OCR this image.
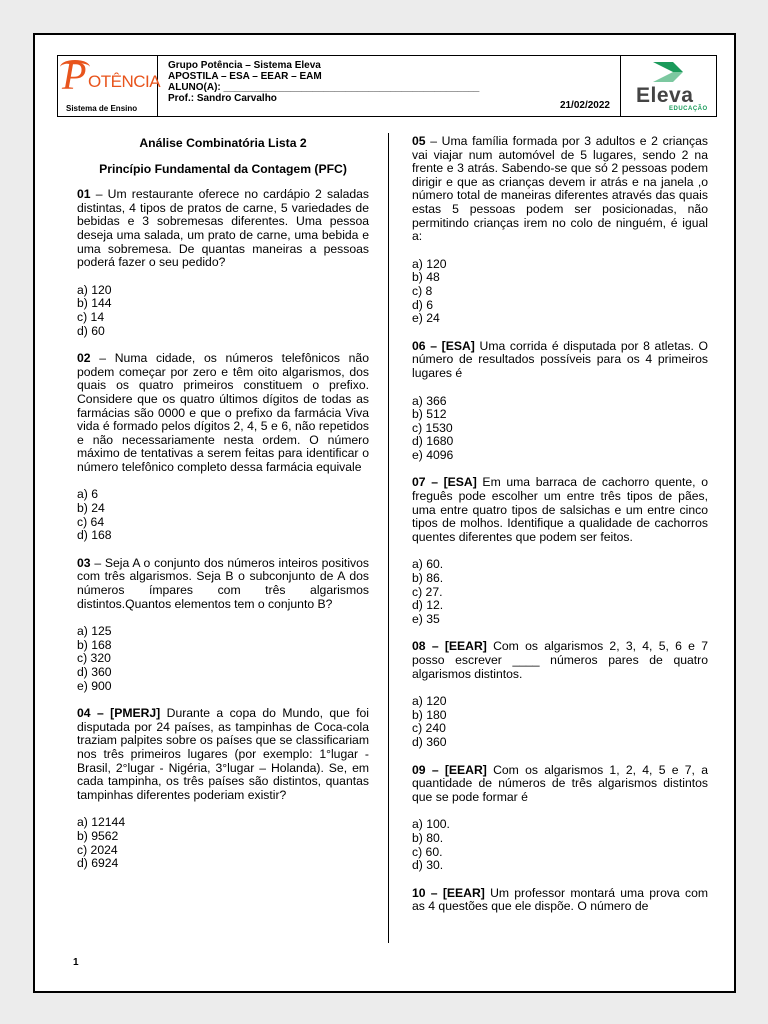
P OTÊNCIA
Sistema de Ensino
Grupo Potência – Sistema Eleva
APOSTILA – ESA – EEAR – EAM
ALUNO(A): ______________________________________________
Prof.: Sandro Carvalho
21/02/2022 Eleva
EDUCAÇÃO
Análise Combinatória Lista 2
Princípio Fundamental da Contagem (PFC)
01 – Um restaurante oferece no cardápio 2 saladas distintas, 4 tipos de pratos de carne, 5 variedades de bebidas e 3 sobremesas diferentes. Uma pessoa deseja uma salada, um prato de carne, uma bebida e uma sobremesa. De quantas maneiras a pessoas poderá fazer o seu pedido?
a) 120
b) 144
c) 14
d) 60
02 – Numa cidade, os números telefônicos não podem começar por zero e têm oito algarismos, dos quais os quatro primeiros constituem o prefixo. Considere que os quatro últimos dígitos de todas as farmácias são 0000 e que o prefixo da farmácia Viva vida é formado pelos dígitos 2, 4, 5 e 6, não repetidos e não necessariamente nesta ordem. O número máximo de tentativas a serem feitas para identificar o número telefônico completo dessa farmácia equivale
a) 6
b) 24
c) 64
d) 168
03 – Seja A o conjunto dos números inteiros positivos com três algarismos. Seja B o subconjunto de A dos números ímpares com três algarismos distintos.Quantos elementos tem o conjunto B?
a) 125
b) 168
c) 320
d) 360
e) 900
04 – [PMERJ] Durante a copa do Mundo, que foi disputada por 24 países, as tampinhas de Coca-cola traziam palpites sobre os países que se classificariam nos três primeiros lugares (por exemplo: 1°lugar - Brasil, 2°lugar - Nigéria, 3°lugar – Holanda). Se, em cada tampinha, os três países são distintos, quantas tampinhas diferentes poderiam existir?
a) 12144
b) 9562
c) 2024
d) 6924
05 – Uma família formada por 3 adultos e 2 crianças vai viajar num automóvel de 5 lugares, sendo 2 na frente e 3 atrás. Sabendo-se que só 2 pessoas podem dirigir e que as crianças devem ir atrás e na janela ,o número total de maneiras diferentes através das quais estas 5 pessoas podem ser posicionadas, não permitindo crianças irem no colo de ninguém, é igual a:
a) 120
b) 48
c) 8
d) 6
e) 24
06 – [ESA] Uma corrida é disputada por 8 atletas. O número de resultados possíveis para os 4 primeiros lugares é
a) 366
b) 512
c) 1530
d) 1680
e) 4096
07 – [ESA] Em uma barraca de cachorro quente, o freguês pode escolher um entre três tipos de pães, uma entre quatro tipos de salsichas e um entre cinco tipos de molhos. Identifique a qualidade de cachorros quentes diferentes que podem ser feitos.
a) 60.
b) 86.
c) 27.
d) 12.
e) 35
08 – [EEAR] Com os algarismos 2, 3, 4, 5, 6 e 7 posso escrever ____ números pares de quatro algarismos distintos.
a) 120
b) 180
c) 240
d) 360
09 – [EEAR] Com os algarismos 1, 2, 4, 5 e 7, a quantidade de números de três algarismos distintos que se pode formar é
a) 100.
b) 80.
c) 60.
d) 30.
10 – [EEAR] Um professor montará uma prova com as 4 questões que ele dispõe. O número de
1
